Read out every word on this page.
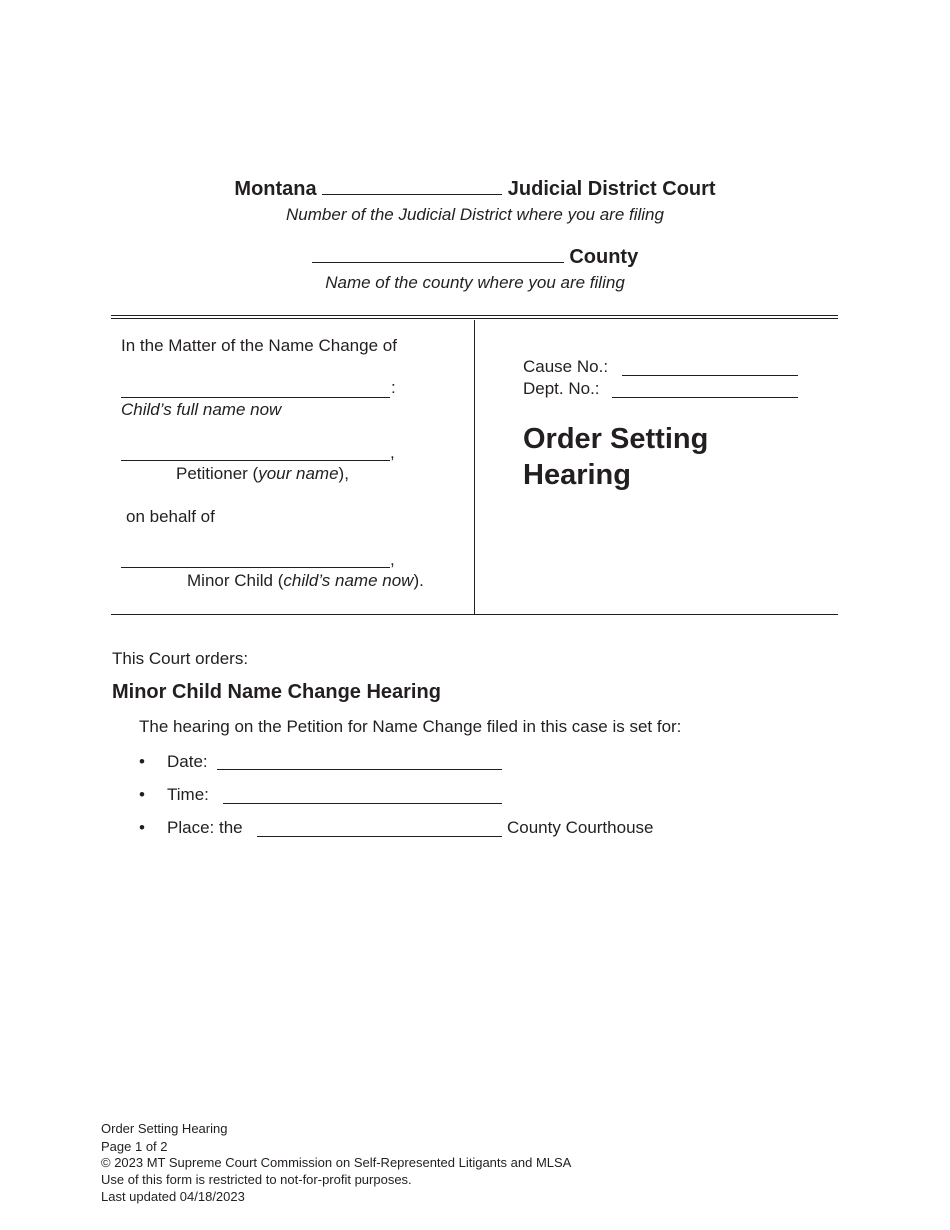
Montana	Judicial District Court
Number of the Judicial District where you are filing
County
Name of the county where you are filing
In the Matter of the Name Change of
:
Child’s full name now
,
Petitioner (your name),
on behalf of
,
Minor Child (child’s name now).
Cause No.:
Dept. No.:
Order Setting
Hearing
This Court orders:
Minor Child Name Change Hearing
The hearing on the Petition for Name Change filed in this case is set for:
• Date:
• Time:
• Place: the	County Courthouse
Order Setting Hearing
Page 1 of 2
© 2023 MT Supreme Court Commission on Self-Represented Litigants and MLSA
Use of this form is restricted to not-for-profit purposes.
Last updated 04/18/2023
